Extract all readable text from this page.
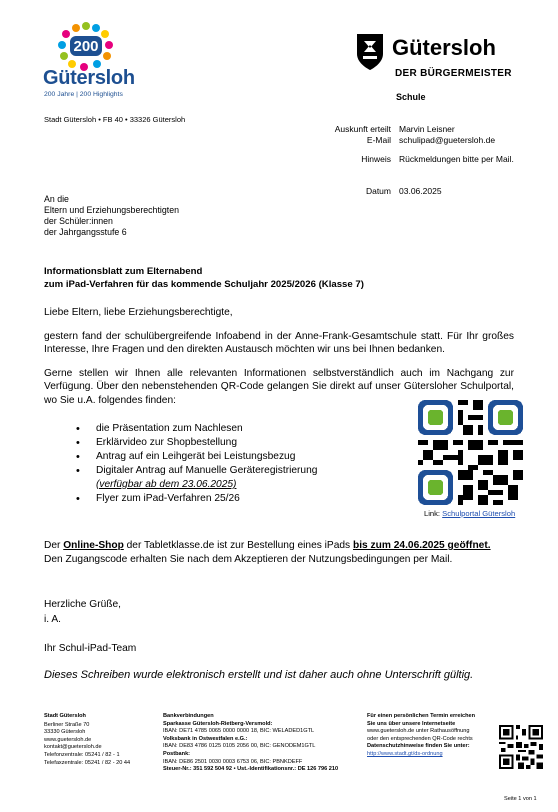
200
Gütersloh
200 Jahre | 200 Highlights
Gütersloh
DER BÜRGERMEISTER
Schule
Stadt Gütersloh • FB 40 • 33326 Gütersloh
Auskunft erteilt Marvin Leisner
E-Mail schulipad@guetersloh.de
Hinweis Rückmeldungen bitte per Mail.
Datum 03.06.2025
An die
Eltern und Erziehungsberechtigten
der Schüler:innen
der Jahrgangsstufe 6
Informationsblatt zum Elternabend
zum iPad-Verfahren für das kommende Schuljahr 2025/2026 (Klasse 7)
Liebe Eltern, liebe Erziehungsberechtigte,
gestern fand der schulübergreifende Infoabend in der Anne-Frank-Gesamtschule statt. Für Ihr großes Interesse, Ihre Fragen und den direkten Austausch möchten wir uns bei Ihnen bedanken.
Gerne stellen wir Ihnen alle relevanten Informationen selbstverständlich auch im Nachgang zur Verfügung. Über den nebenstehenden QR-Code gelangen Sie direkt auf unser Gütersloher Schulportal, wo Sie u.A. folgendes finden:
• die Präsentation zum Nachlesen
• Erklärvideo zur Shopbestellung
• Antrag auf ein Leihgerät bei Leistungsbezug
• Digitaler Antrag auf Manuelle Geräteregistrierung
(verfügbar ab dem 23.06.2025)
• Flyer zum iPad-Verfahren 25/26
Link: Schulportal Gütersloh
Der Online-Shop der Tabletklasse.de ist zur Bestellung eines iPads bis zum 24.06.2025 geöffnet.
Den Zugangscode erhalten Sie nach dem Akzeptieren der Nutzungsbedingungen per Mail.
Herzliche Grüße,
i. A.
Ihr Schul-iPad-Team
Dieses Schreiben wurde elektronisch erstellt und ist daher auch ohne Unterschrift gültig.
Stadt Gütersloh
Berliner Straße 70
33330 Gütersloh
www.guetersloh.de
kontakt@guetersloh.de
Telefonzentrale: 05241 / 82 - 1
Telefaxzentrale: 05241 / 82 - 20 44
Bankverbindungen
Sparkasse Gütersloh-Rietberg-Versmold:
IBAN: DE71 4785 0065 0000 0000 18, BIC: WELADED1GTL
Volksbank in Ostwestfalen e.G.:
IBAN: DE83 4786 0125 0105 2056 00, BIC: GENODEM1GTL
Postbank:
IBAN: DE86 2501 0030 0003 6753 06, BIC: PBNKDEFF
Steuer-Nr.: 351 592 504 92 • Ust.-Identifikationsnr.: DE 126 796 210
Für einen persönlichen Termin erreichen
Sie uns über unsere Internetseite
www.guetersloh.de unter Rathausöffnung
oder den entsprechenden QR-Code rechts
Datenschutzhinweise finden Sie unter:
http://www.stadt.gt/ds-ordnung
Seite 1 von 1
